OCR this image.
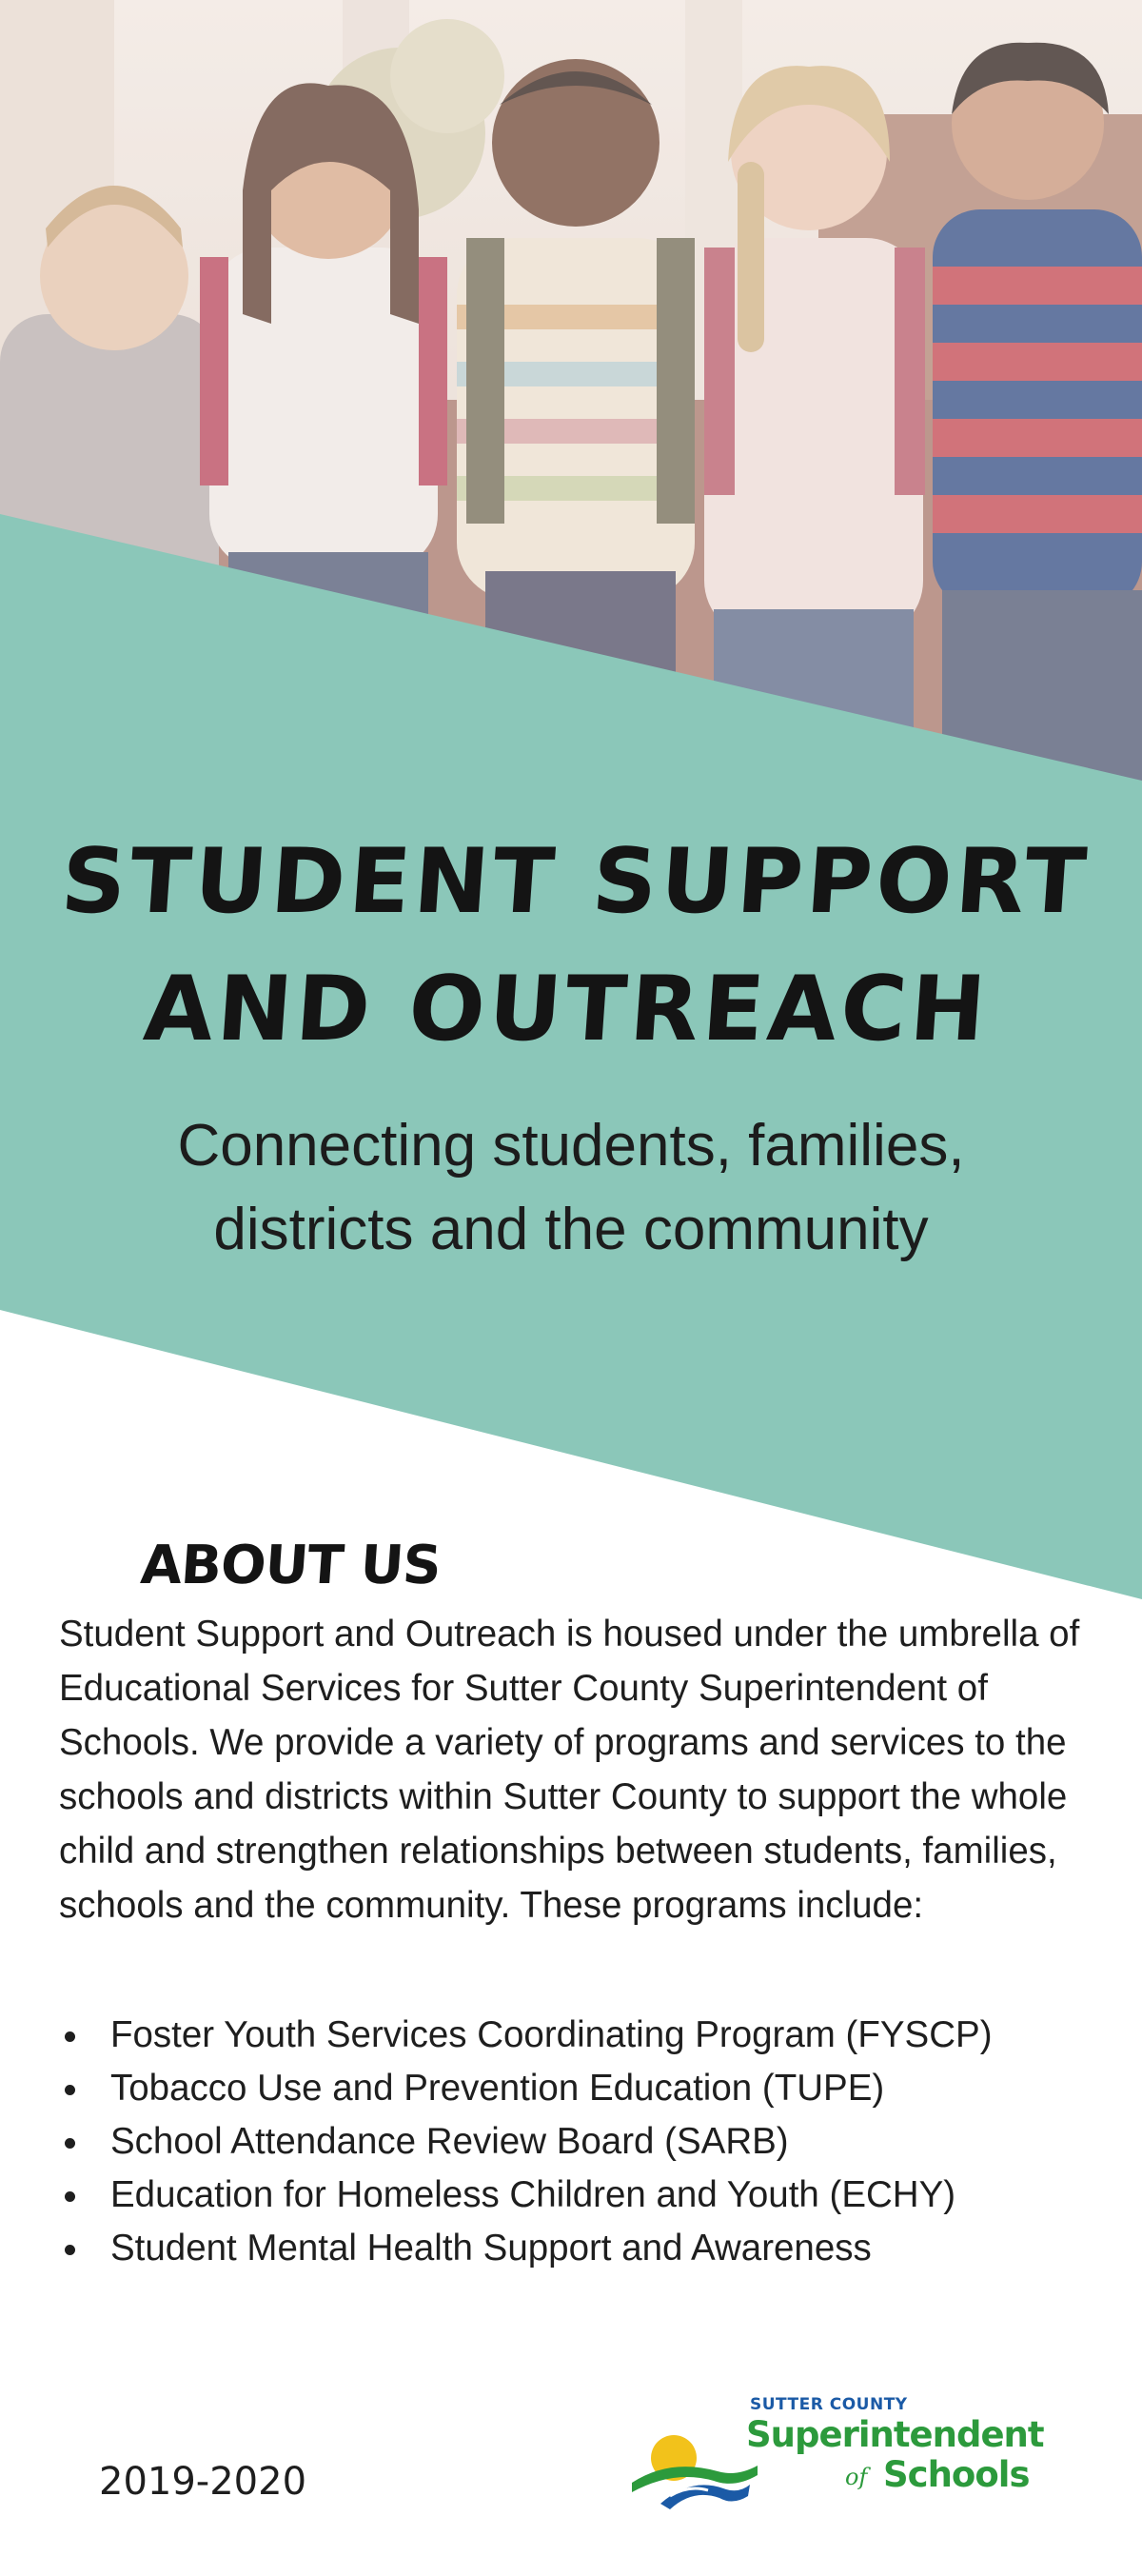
STUDENT SUPPORT AND OUTREACH
Connecting students, families, districts and the community
ABOUT US

Student Support and Outreach is housed under the umbrella of Educational Services for Sutter County Superintendent of Schools. We provide a variety of programs and services to the schools and districts within Sutter County to support the whole child and strengthen relationships between students, families, schools and the community. These programs include:

Foster Youth Services Coordinating Program (FYSCP)
Tobacco Use and Prevention Education (TUPE)
School Attendance Review Board (SARB)
Education for Homeless Children and Youth (ECHY)
Student Mental Health Support and Awareness
2019-2020
SUTTER COUNTY
Superintendent
of Schools
